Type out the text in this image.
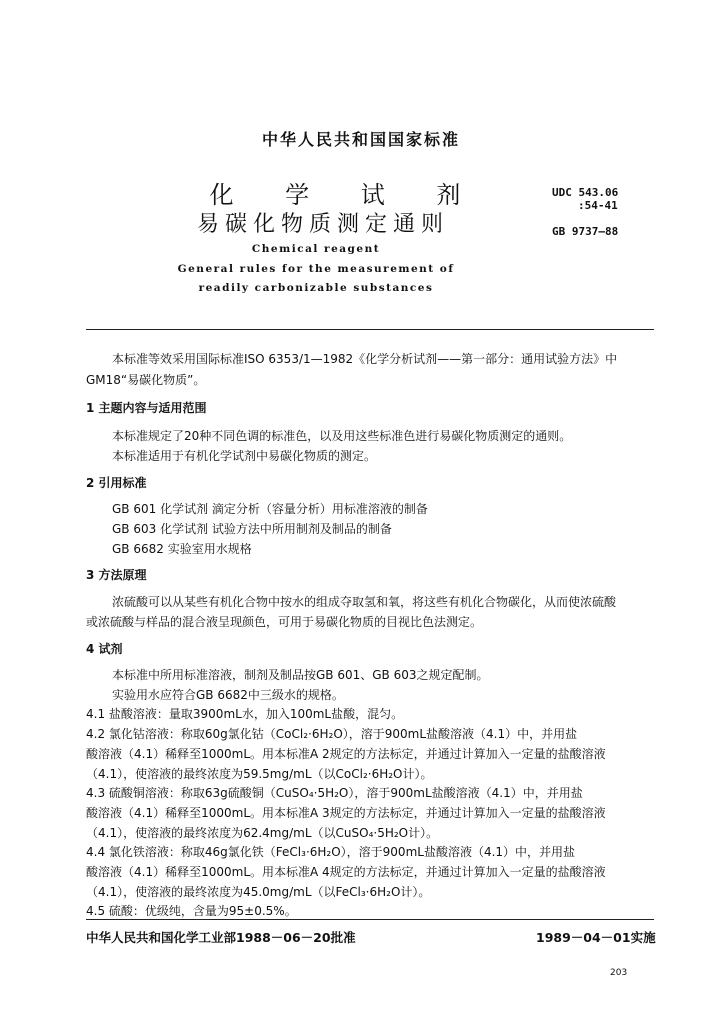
中华人民共和国国家标准
化 学 试 剂
易碳化物质测定通则
UDC 543.06
:54-41
GB 9737—88
Chemical reagent
General rules for the measurement of
readily carbonizable substances
本标准等效采用国际标准ISO 6353/1—1982《化学分析试剂——第一部分：通用试验方法》中
GM18“易碳化物质”。
1 主题内容与适用范围
本标准规定了20种不同色调的标准色，以及用这些标准色进行易碳化物质测定的通则。
本标准适用于有机化学试剂中易碳化物质的测定。
2 引用标准
GB 601 化学试剂 滴定分析（容量分析）用标准溶液的制备
GB 603 化学试剂 试验方法中所用制剂及制品的制备
GB 6682 实验室用水规格
3 方法原理
浓硫酸可以从某些有机化合物中按水的组成夺取氢和氧，将这些有机化合物碳化，从而使浓硫酸
或浓硫酸与样品的混合液呈现颜色，可用于易碳化物质的目视比色法测定。
4 试剂
本标准中所用标准溶液，制剂及制品按GB 601、GB 603之规定配制。
实验用水应符合GB 6682中三级水的规格。
4.1 盐酸溶液：量取3900mL水，加入100mL盐酸，混匀。
4.2 氯化钴溶液：称取60g氯化钴（CoCl₂·6H₂O），溶于900mL盐酸溶液（4.1）中，并用盐
酸溶液（4.1）稀释至1000mL。用本标准A 2规定的方法标定，并通过计算加入一定量的盐酸溶液
（4.1），使溶液的最终浓度为59.5mg/mL（以CoCl₂·6H₂O计）。
4.3 硫酸铜溶液：称取63g硫酸铜（CuSO₄·5H₂O），溶于900mL盐酸溶液（4.1）中，并用盐
酸溶液（4.1）稀释至1000mL。用本标准A 3规定的方法标定，并通过计算加入一定量的盐酸溶液
（4.1），使溶液的最终浓度为62.4mg/mL（以CuSO₄·5H₂O计）。
4.4 氯化铁溶液：称取46g氯化铁（FeCl₃·6H₂O），溶于900mL盐酸溶液（4.1）中，并用盐
酸溶液（4.1）稀释至1000mL。用本标准A 4规定的方法标定，并通过计算加入一定量的盐酸溶液
（4.1），使溶液的最终浓度为45.0mg/mL（以FeCl₃·6H₂O计）。
4.5 硫酸：优级纯，含量为95±0.5%。
中华人民共和国化学工业部1988－06－20批准	1989－04－01实施
203
